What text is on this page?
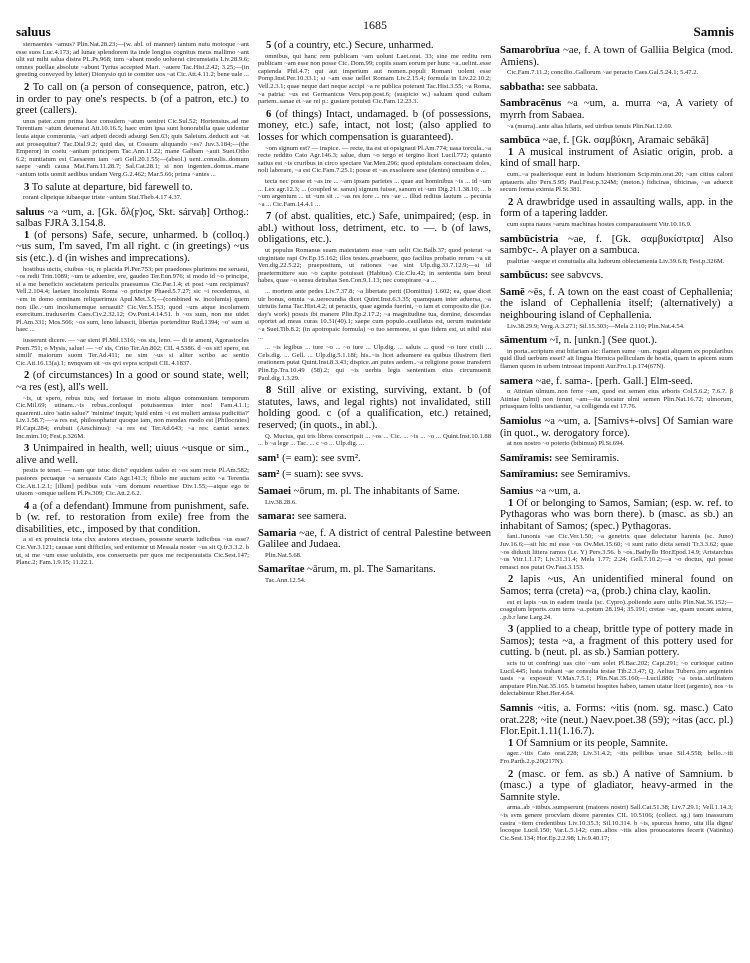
saluus	1685	Samnis

sternaentes ~amus? Plin.Nat.28.23;—(w. abl. of manner) tantum nutu motoque ~ant esse suos Luc.4.173; ad lunae splendorem ita inde longius cognitus meus mallimo ~ant ulit sui mihi salua distra PL.Ps.968; tum ~abant modo uoluerat circumstatis Liv.28.9.6; omnes puellae absolute ~abunt Tyrius accepted Mart. ~auere Tac.Hist.2.42; 3.25;—(in greeting conveyed by letter) Dionysio qui te comiter uos ~at Cic.Att.4.11.2; bene uale ...

2 To call on (a person of consequence, patron, etc.) in order to pay one's respects. b (of a patron, etc.) to greet (callers).

unus pater..cum prima luce consulem ~atum ueniret Cic.Sul.52; Hortensius..ad me Terentiam ~atum deuenerat Att.10.16.5; haec enim ipsa sunt honorabilia quae uidentur leuia atque communia, ~ari adpeti decedi adsurgi Sen.63; quis Saleium..deducit aut ~at aut prosequitur? Tac.Dial.9.2; quid das, ut Cossum aliquando ~es? Juv.3.184;—(the Emperor) in coetu ~antum principem Tac.Ann.11.22; mane Galbam ~auit Suet.Otho 6.2; nuntiatum est Caesarem iam ~ari Gell.20.1.55;—(absol.) ueni..consulis..domum saepe ~andi causa Mat.Fam.11.28.7; Sal.Cat.28.1; si non ingenten..domus..mane ~antum totis uomit aedibus undam Verg.G.2.462; Mar.5.66; prima ~antes ...

3 To salute at departure, bid farewell to.

rorant clipeique iubaeque triste ~antum Stat.Theb.4.17 4.37.

saluus ~a ~um, a. [Gk. ὅλ(ϝ)ος, Skt. sárvaḥ] Orthog.: salbas FJRA 3.154.8.

1 (of persons) Safe, secure, unharmed. b (colloq.) ~us sum, I'm saved, I'm all right. c (in greetings) ~us sis (etc.). d (in wishes and imprecations).

hostibus uictis, ciuibus ~is, re placida Pl.Per.753; per praedones plurimos me seruaui, ~os redii Trin.1089; ~um te aduenire, ere, gaudeo Ter.Eun.976; si modo id ~o principe, si a me beneficio societatem periculis praesumus Cic.Par.1.4; et post ~um recipimus? Vell.2.104.4; laetare incolumis Roma ~o principe Phaed.5.7.27; sic ~i recedemus, si ~em in domo ceminam reliquerimus Apul.Met.3.5;—(combined w. incolumis) quem non ille..~um incolumemque seruauit? Cic.Ver.5.153; quod ~um atque incolumem exercitum..traduxerim Caes.Civ.2.32.12; Ov.Pont.4.14.51. b ~os sum, non me uidet Pl.Am.331; Mos.566; ~os sum, leno labascit, libertas portenditur Rud.1394; ~o' sum si haec ...

iusserunt dicere. — ~ae sient Pl.Mil.1316; ~os sis, leno. — di te ament, Agorastocles Poen.751; o Mysis, salue! — ~o' sis, Crito Ter.An.802; CIL 4.5386. d ~os sit! spero, est simili' maiorum suom Ter.Ad.411; ne sim ~us si aliter scribo ac sentio Cic.Att.16.13(a).1; nvnqvam sit ~os qvi svpra scripsit CIL 4.1837.

2 (of circumstances) In a good or sound state, well; ~a res (est), all's well.

~is, ut spero, rebus tuis, sed fortasse in motu aliquo communium temporum Cic.Mil.69; utinam..~is rebus..conloqui potuissemus inter nos! Fam.4.1.1; quaerenti..uiro 'satin salue?' 'minime' inquit; 'quid enim ~i est mulieri amissa pudicitia?' Liv.1.58.7;—~a res est, philosophatur quoque iam, non mendax modo est [Philocrates] Pl.Capt.284; erubuit (Aeschinus): ~a res est Ter.Ad.643; ~a res: cantat senex Inc.mim.10; Fest.p.326M.

3 Unimpaired in health, well; uiuus ~usque or sim., alive and well.

pestis te tenet. — nam qur istuc dicis? equidem ualeo et ~os sum recte Pl.Am.582; pastores pecuaque ~a seruassis Cato Agr.141.3; filiolo me auctum scito ~a Terentia Cic.Att.1.2.1; [illum] pedibus suis ~um domum reuertisse Div.1.55;—atque ego te uiuom ~omque uellem Pl.Ps.309; Cic.Att.2.6.2.

4 a (of a defendant) Immune from punishment, safe. b (w. ref. to restoration from exile) free from the disabilities, etc., imposed by that condition.

a si ex prouincia tota clxx aratores eiecisses, possesne seueris iudicibus ~us esse? Cic.Ver.3.121; causae sunt difficiles, sed enitemur ut Messala noster ~us sit Q.fr.3.3.2. b ut, si me ~um esse uoluistis, eos conseruetis per quos me reciperauistis Cic.Sest.147; Planc.2; Fam.1.9.15; 11.22.1.

5 (of a country, etc.) Secure, unharmed.

omnibus, qui hanc rem publicam ~am uolunt Laet.orat. 33; sine me reditu rem publicam ~am esse non posse Cic. Dom.99; copiis suam eorum per hunc ~a..uelint..esse capienda Phil.4.7; qui aut imperium aut nomen..populi Romani uolent esse Pomp.Inst.Per.10.33.1; si ~am esse uellet Romam Liv.2.15.4; formula in Liv.22.10.2; Vell.2.3.1; quae neque dari neque accipi ~a re publica poterant Tac.Hist.3.55; ~a Roma, ~a patria: ~us est Germanicus Vers.pop.post.6; (suspicio w.) saluam quod cultam partem..sanae et ~ae rei p.: gustare potuisti Cic.Fam.12.23.3.

6 (of things) Intact, undamaged. b (of possessions, money, etc.) safe, intact, not lost; (also applied to losses for which compensation is guaranteed).

~om signum est? — inspice. — recte, ita est ut opsignaui Pl.Am.774; uasa torcula..~a recte reddito Cato Agr.146.3; salue, dum ~o tergo et tergino licet Lucil.772; quianto satius est ~is cruribus in circo spectare Var.Men.296; quod epistulam conscissam doles, noli laborare, ~a est Cic.Fam.7.25.1; posse et ~as exsoluere sese (dentes) omnibus e ...

tecta nec posse et ~as ire ... ~am ipsam parietes ... quae aut hominibus ~is ... id ~um ... Lex agr.12.3; ... (coupled w. sanus) signum fuisse, sanum et ~um Dig.21.1.38.10; ... b ~um argentum ... ut ~um sit ... ~as res fore ... res ~ae ... illud reditus lautum ... pecunia ~a ... Cic.Fam.14.4.1 ...

7 (of abst. qualities, etc.) Safe, unimpaired; (esp. in abl.) without loss, detriment, etc. to —. b (of laws, obligations, etc.).

ut populus Romanus suam maiestatem esse ~am uelit Cic.Balb.37; quod poterat ~a uirginitate rapi Ov.Ep.15.162; illos testes..praebuere, quo facilius probatio rerum ~a sit Ven.dig.22.5.22; praepositum, ut rationes ~ae sint Ulp.dig.33.7.12.9;—si id praetermittere suo ~o capite potuisset (Habitus) Cic.Clu.42; in sententia tam breui habes, quae ~o sensu detrahas Sen.Con.9.1.13; nec conspirare ~a ...

... mortem ante pedes Liv.7.37.8; ~a libertate perit (Domitius) 1.602; ea, quae dicet uir bonus, omnia ~a..uerecundia dicet Quint.Inst.6.3.35; quamquam inter aduersa, ~a uirtutis fama Tac.Hist.4.2; ut peractis, quae agenda fuerint, ~o iam et composito die (i.e. day's work) possis ibi manere Plin.Ep.2.17.2; ~a magnitudine tua, domine, descendas oportet ad meas curas 10.31(40).1; saepe cum populo..cauillatus est, uerum maiestate ~a Suet.Tib.8.2; (in apotropaic formula) ~o tuo sermone, si quo fidem est, ut nihil nisi ...

... ~is legibus ... iure ~o ... ~o iure ... Ulp.dig. ... saluis ... quod ~o iure ciuili ... Cels.dig. ... Gell. ... Ulp.dig.5.1.18f; his..~is licet adsumere ea quibus illustrem fieri orationem putat Quint.Inst.8.3.43; dispice..an putes aedem..~a religione posse transferri Plin.Ep.Tra.10.49 (58).2; qui ~is uerbis legis sententiam eius circumuenit Paul.dig.1.3.29.

8 Still alive or existing, surviving, extant. b (of statutes, laws, and legal rights) not invalidated, still holding good. c (of a qualification, etc.) retained, reserved; (in quots., in abl.).

Q. Mucius, qui tris libros conscripsit ... ~os ... Cic. ... ~is ... ~o ... Quint.Inst.10.1.88 ... b ~a lege ... Tac. ... c ~o ... Ulp.dig. ...

sam¹ (= eam): see svm².

sam² (= suam): see svvs.

Samaei ~ōrum, m. pl. The inhabitants of Same.

Liv.38.28.6.

samara: see samera.

Samaria ~ae, f. A district of central Palestine between Galilee and Judaea.

Plin.Nat.5.68.

Samarītae ~ārum, m. pl. The Samaritans.

Tac.Ann.12.54.

Samarobrīua ~ae, f. A town of Galliia Belgica (mod. Amiens).

Cic.Fam.7.11.2; concilio..Gallorum ~ae peracto Caes.Gal.5.24.1; 5.47.2.

sabbatha: see sabbata.

Sambracēnus ~a ~um, a. murra ~a, A variety of myrrh from Sabaea.

~a (murra)..ante alias hilaris, sed uiribus tenuis Plin.Nat.12.69.

sambūca ~ae, f. [Gk. σαμβύκη, Aramaic sebākā]

1 A musical instrument of Asiatic origin, prob. a kind of small harp.

cum..~a psalterioque eunt in ludum histrionum Scip.min.orat.20; ~am citius caloni aptaueris alto Pers.5.95; Paul.Fest.p.324M; (meton.) fidicinas, tibicinas, ~as aduexit secum forma eximia Pl.St.381.

2 A drawbridge used in assaulting walls, app. in the form of a tapering ladder.

cum supra naues ~arum machinas hostes comparauissent Vitr.10.16.9.

sambūcistria ~ae, f. [Gk. σαμβυκίστρια] Also sambȳc-. A player on a sambuca.

psaltriae ~aeque et conuiualia alia ludorum oblectamenta Liv.39.6.8; Fest.p.326M.

sambūcus: see sabvcvs.

Samē ~ēs, f. A town on the east coast of Cephallenia; the island of Cephallenia itself; (alternatively) a neighbouring island of Cephallenia.

Liv.38.29.9; Verg.A.3.271; Sil.15.303;—Mela 2.110; Plin.Nat.4.54.

sāmentum ~ī, n. [unkn.] (See quot.).

in porta..scriptum erat bifariam sic: flamen sume ~um. rogaui aliquem ex popularibus quid illud uerbum esset? ait lingua Hernica pelliculam de hostia, quam in apicem suum flamen quom in urbem introeat imponit Aur.Fro.1.p.174(67N).

samera ~ae, f. sama-. [perh. Gall.] Elm-seed.

α Atinian ulmum..non ferre ~am, quod est semen eius arboris Col.5.6.2; 7.6.7. β Atiniae (ulmi) non ferunt ~am—ita uocatur ulmi semen Plin.Nat.16.72; ulmorum, priusquam foliis uestiantur, ~a colligenda est 17.76.

Samiolus ~a ~um, a. [Samivs+-olvs] Of Samian ware (in quot., w. derogatory force).

at nos nostro ~o poterio (bibimus) Pl.St.694.

Samīramis: see Semiramis.

Samīramius: see Semiramivs.

Samius ~a ~um, a.

1 Of or belonging to Samos, Samian; (esp. w. ref. to Pythagoras who was born there). b (masc. as sb.) an inhabitant of Samos; (spec.) Pythagoras.

fani..Iunonis ~ae Cic.Ver.1.50; ~a genetrix quae delectatur harenis (sc. Juno) Juv.16.6;—sit hic mi esse ~us Ov.Met.15.60; ~i sunt ratio dicta sensit Tr.3.3.62; quae ~os diduxit littera ramos (i.e. Y) Pers.3.56. b ~os..Bathyllo Hor.Epod.14.9; Aristarchus ~us Vitr.1.1.17; Liv.31.31.4; Mela 1.77; 2.24; Gell.7.10.2;—a ~o doctus, qui posse renasci nos putat Ov.Fast.3.153.

2 lapis ~us, An unidentified mineral found on Samos; terra (creta) ~a, (prob.) china clay, kaolin.

est et lapis ~us in eadem insula (sc. Cypro)..poliendo auro utilis Plin.Nat.36.152;—coagulum leporis..cum terra ~a..potum 28.194; 35.191; cretae ~ae, quam uocant astera, ..p.b.r lane Larg.24.

3 (applied to a cheap, brittle type of pottery made in Samos); testa ~a, a fragment of this pottery used for cutting. b (neut. pl. as sb.) Samian pottery.

scis tu ut confringi uas cito ~um solet Pl.Bac.202; Capt.291; ~o curioque catino Lucil.445; lusta trahant ~ae consulta testae Tib.2.3.47; Q. Aelius Tubero..pro argenteis uasis ~a exposuit V.Max.7.5.1; Plin.Nat.35.160;—Lucil.880; ~a testa..uirilitatem amputare Plin.Nat.35.165. b tametsi hospites habeo, tamen utatur licet (argento), nos ~is delectabimur Rhet.Her.4.64.

Samnis ~itis, a. Forms: ~itis (nom. sg. masc.) Cato orat.228; ~ite (neut.) Naev.poet.38 (59); ~itas (acc. pl.) Flor.Epit.1.11(1.16.7).

1 Of Samnium or its people, Samnite.

ager..~itis Cato orat.228; Liv.31.4.2; ~itis pellibus ursae Sil.4.558; bello..~iti Fro.Parth.2.p.20(217N).

2 (masc. or fem. as sb.) A native of Samnium. b (masc.) a type of gladiator, heavy-armed in the Samnite style.

arma..ab ~itibus..sumpserunt (maiores nostri) Sall.Cat.51.38; Liv.7.29.1; Vell.1.14.3; ~is svm genere procvlam dixere parentes CIL 10.5106; (collect. sg.) iam inassurum castra ~item credentibus Liv.10.35.3; Sil.10.314. b ~is, spurcus homo, uita illa dignu' locoque Lucil.150; Var.L.5.142; cum..alios ~itis alios prouocatores fecerit (Vatinius) Cic.Sest.134; Hor.Ep.2.2.98; Liv.9.40.17;
